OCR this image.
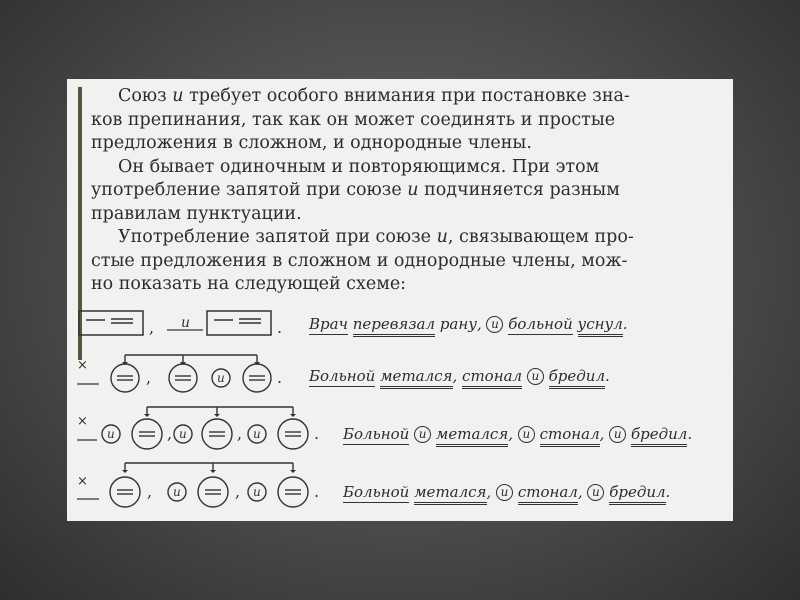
Союз и требует особого внимания при постановке зна-

ков препинания, так как он может соединять и простые

предложения в сложном, и однородные члены.

Он бывает одиночным и повторяющимся. При этом

употребление запятой при союзе и подчиняется разным

правилам пунктуации.

Употребление запятой при союзе и, связывающем про-

стые предложения в сложном и однородные члены, мож-

но показать на следующей схеме:

, и	. Врач перевязал рану, и больной уснул.
×
,	и	. Больной метался, стонал и бредил.
×
и	, и	, и	. Больной и метался, и стонал, и бредил.
×
, и	, и	. Больной метался, и стонал, и бредил.
